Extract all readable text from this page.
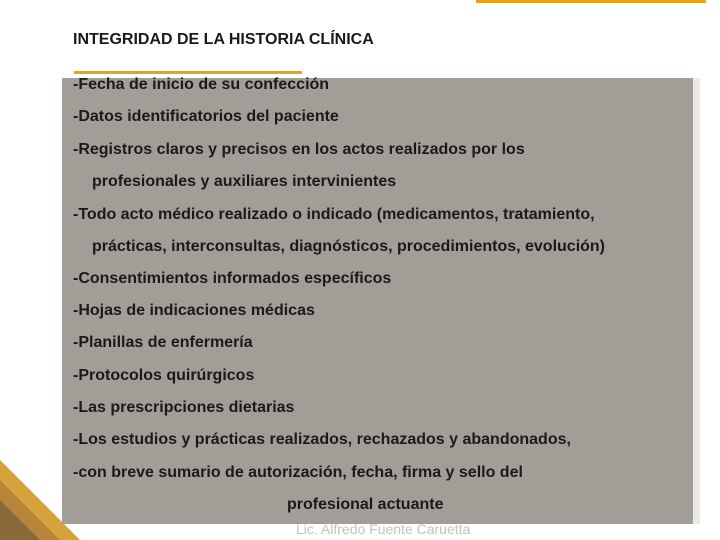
INTEGRIDAD DE LA HISTORIA CLÍNICA
-Fecha de inicio de su confección
-Datos identificatorios del paciente
-Registros claros y precisos en los actos realizados por los
profesionales y auxiliares intervinientes
-Todo acto médico realizado o indicado (medicamentos, tratamiento,
prácticas, interconsultas, diagnósticos, procedimientos, evolución)
-Consentimientos informados específicos
-Hojas de indicaciones médicas
-Planillas de enfermería
-Protocolos quirúrgicos
-Las prescripciones dietarias
-Los estudios y prácticas realizados, rechazados y abandonados,
-con breve sumario de autorización, fecha, firma y sello del
profesional actuante
Lic. Alfredo Fuente Caruetta
